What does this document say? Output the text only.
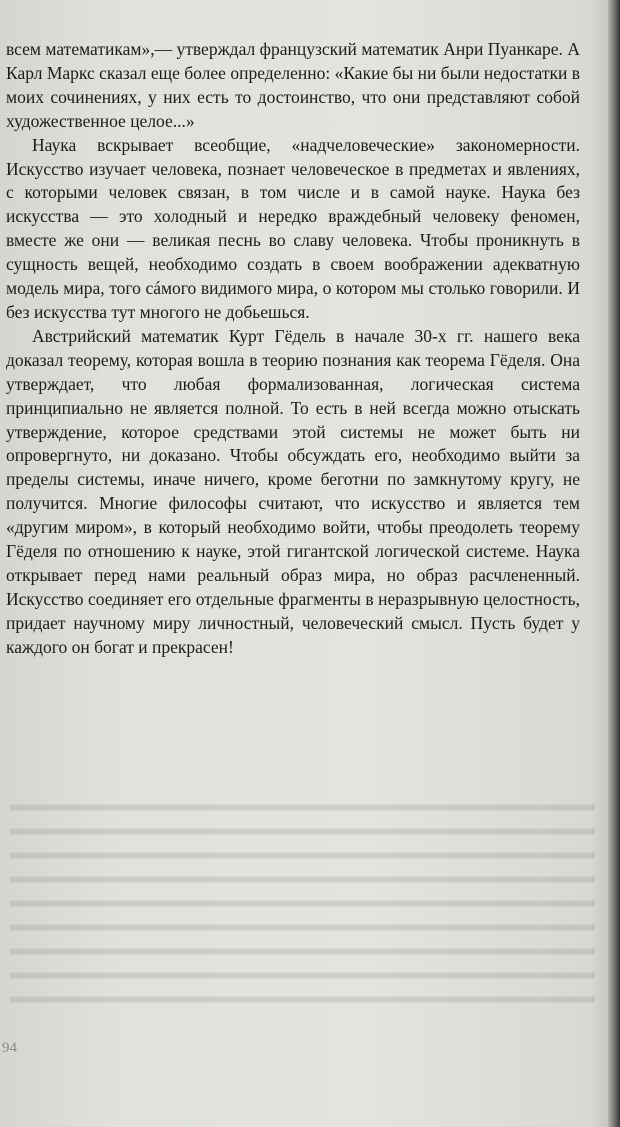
всем математикам»,— утверждал французский математик Анри Пуанкаре. А Карл Маркс сказал еще более определенно: «Какие бы ни были недостатки в моих сочинениях, у них есть то достоинство, что они представляют собой художественное целое...»

Наука вскрывает всеобщие, «надчеловеческие» закономерности. Искусство изучает человека, познает человеческое в предметах и явлениях, с которыми человек связан, в том числе и в самой науке. Наука без искусства — это холодный и нередко враждебный человеку феномен, вместе же они — великая песнь во славу человека. Чтобы проникнуть в сущность вещей, необходимо создать в своем воображении адекватную модель мира, того сáмого видимого мира, о котором мы столько говорили. И без искусства тут многого не добьешься.

Австрийский математик Курт Гёдель в начале 30-х гг. нашего века доказал теорему, которая вошла в теорию познания как теорема Гёделя. Она утверждает, что любая формализованная, логическая система принципиально не является полной. То есть в ней всегда можно отыскать утверждение, которое средствами этой системы не может быть ни опровергнуто, ни доказано. Чтобы обсуждать его, необходимо выйти за пределы системы, иначе ничего, кроме беготни по замкнутому кругу, не получится. Многие философы считают, что искусство и является тем «другим миром», в который необходимо войти, чтобы преодолеть теорему Гёделя по отношению к науке, этой гигантской логической системе. Наука открывает перед нами реальный образ мира, но образ расчлененный. Искусство соединяет его отдельные фрагменты в неразрывную целостность, придает научному миру личностный, человеческий смысл. Пусть будет у каждого он богат и прекрасен!

94
